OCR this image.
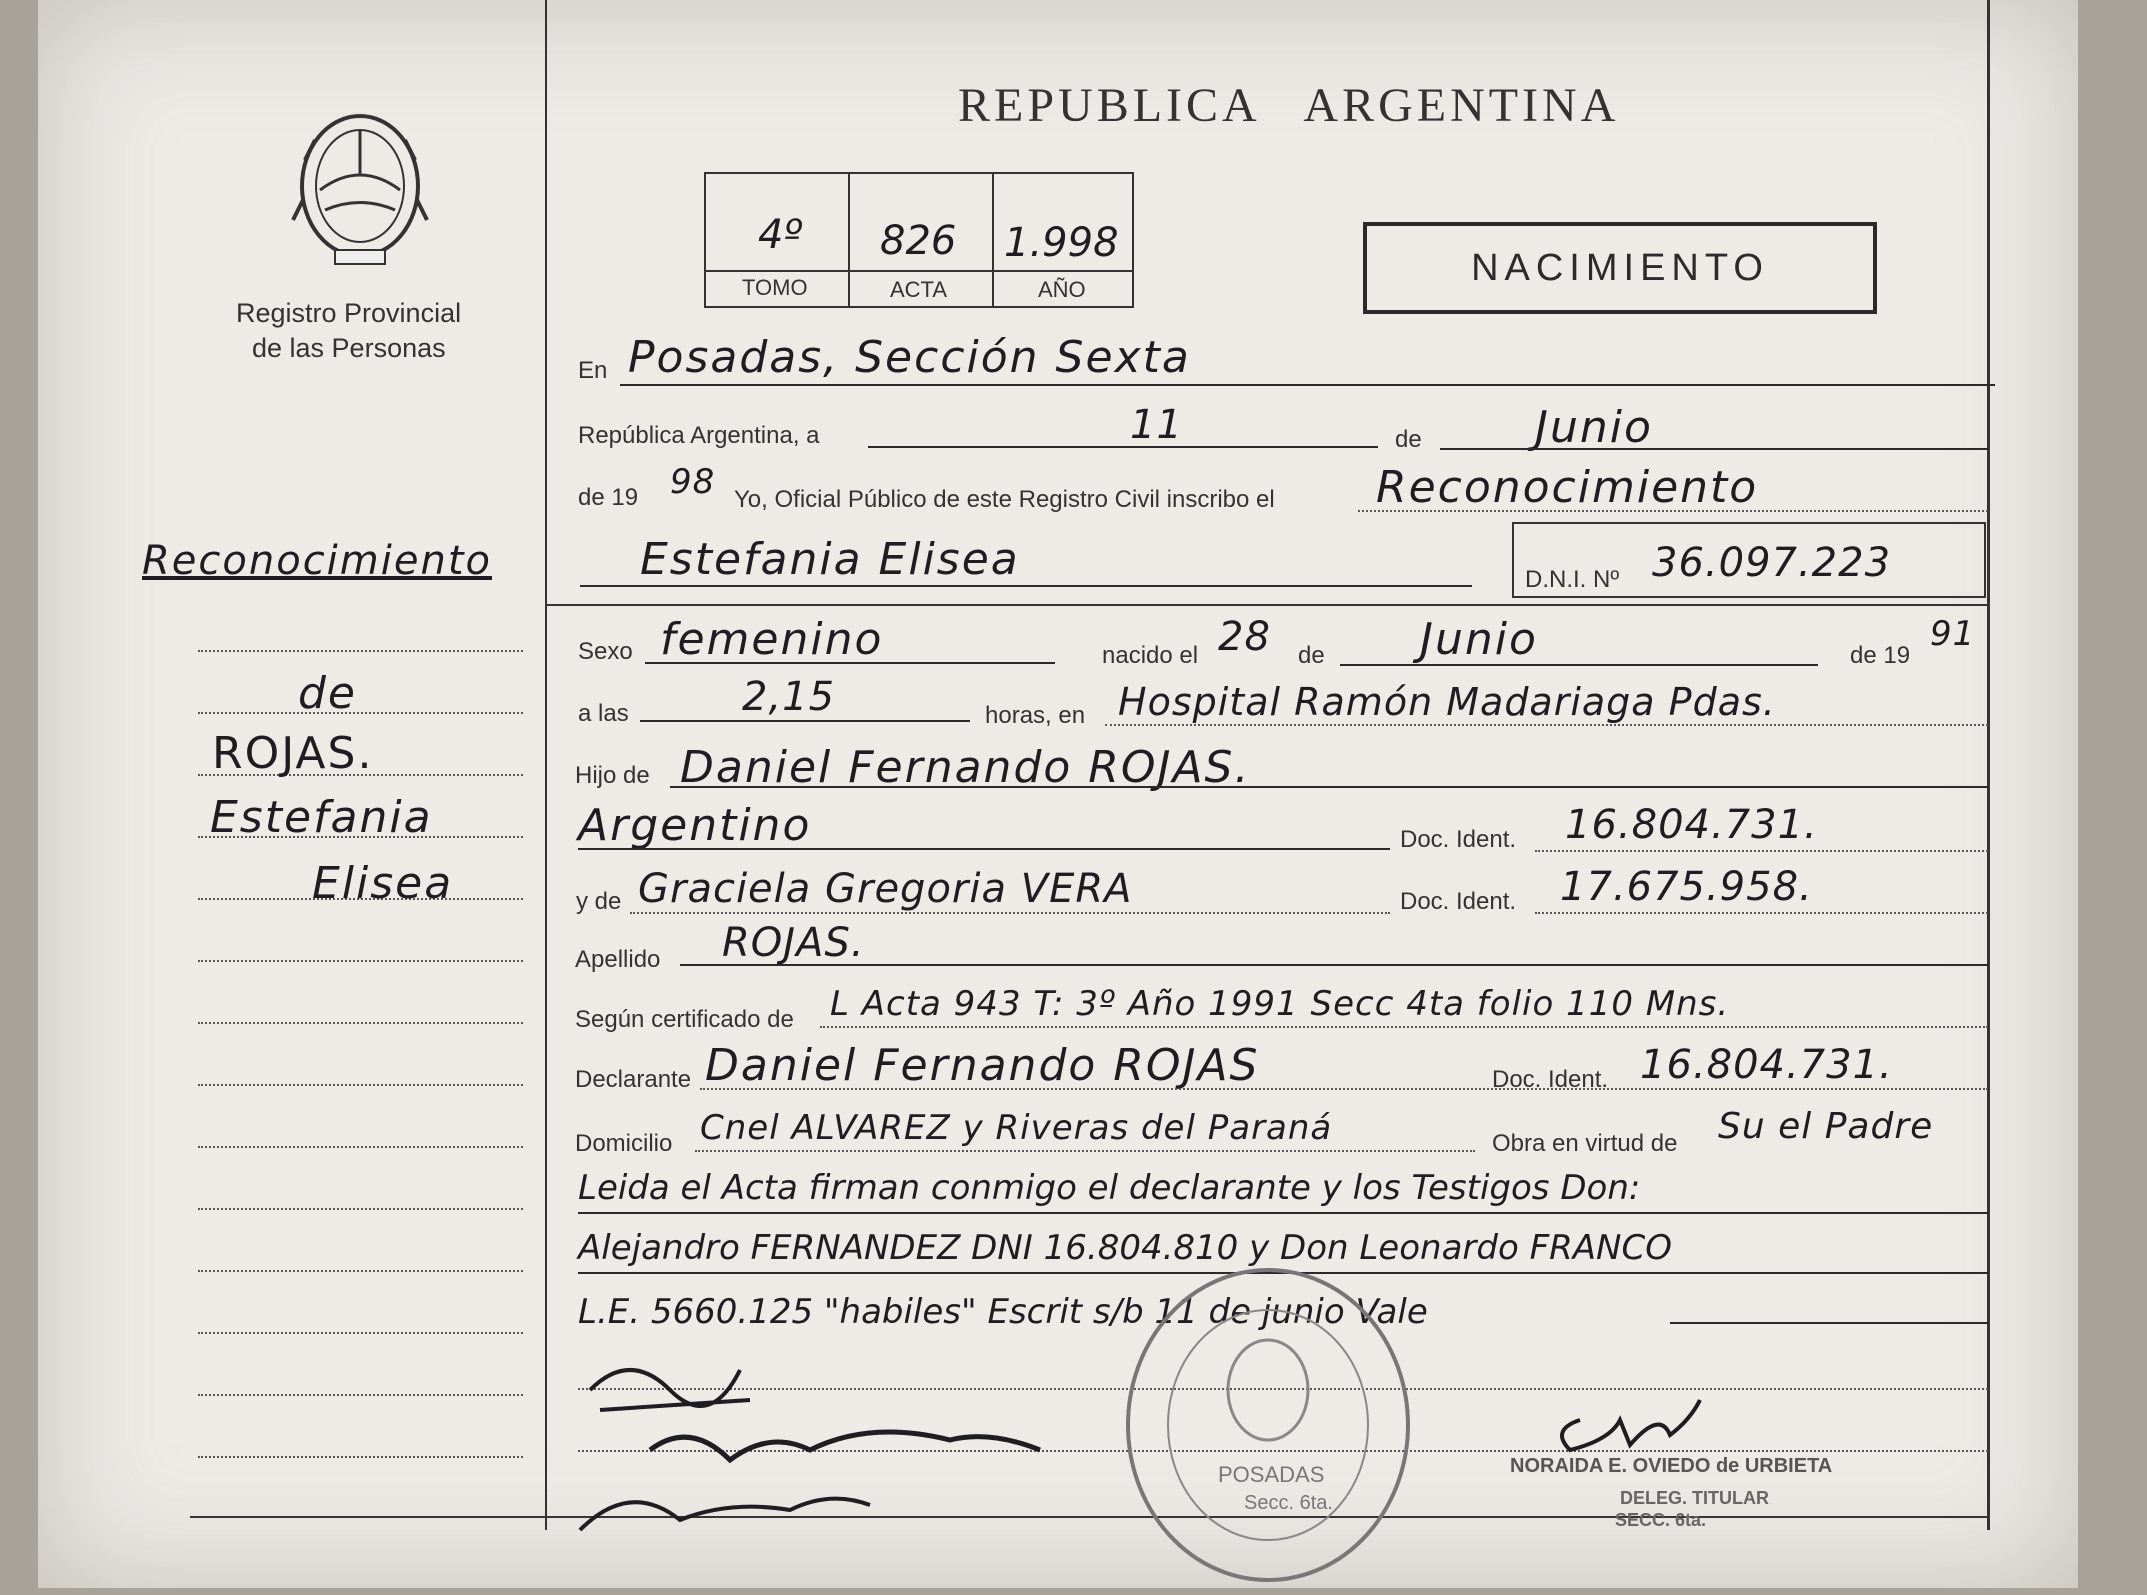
Registro Provincial
de las Personas
REPUBLICA   ARGENTINA
4º 826 1.998
TOMO	ACTA	AÑO
NACIMIENTO
En Posadas, Sección Sexta
República Argentina, a	11	de	Junio
de 19 98 Yo, Oficial Público de este Registro Civil inscribo el Reconocimiento
Estefania Elisea	D.N.I. Nº 36.097.223
Sexo femenino	nacido el 28 de Junio	de 19
91
a las	2,15	horas, en Hospital Ramón Madariaga Pdas.
Hijo de Daniel Fernando ROJAS.
Argentino	Doc. Ident. 16.804.731.
y de Graciela Gregoria VERA	Doc. Ident. 17.675.958.
Apellido ROJAS.
Según certificado de L Acta 943 T: 3º Año 1991 Secc 4ta folio 110 Mns.
Declarante Daniel Fernando ROJAS	Doc. Ident. 16.804.731.
Domicilio Cnel ALVAREZ y Riveras del Paraná	Obra en virtud de Su el Padre
Leida el Acta firman conmigo el declarante y los Testigos Don:
Alejandro FERNANDEZ DNI 16.804.810 y Don Leonardo FRANCO
L.E. 5660.125 "habiles" Escrit s/b 11 de junio Vale
Reconocimiento
de
ROJAS.
Estefania
Elisea
POSADAS
Secc. 6ta.
NORAIDA E. OVIEDO de URBIETA
DELEG. TITULAR
SECC. 6ta.
